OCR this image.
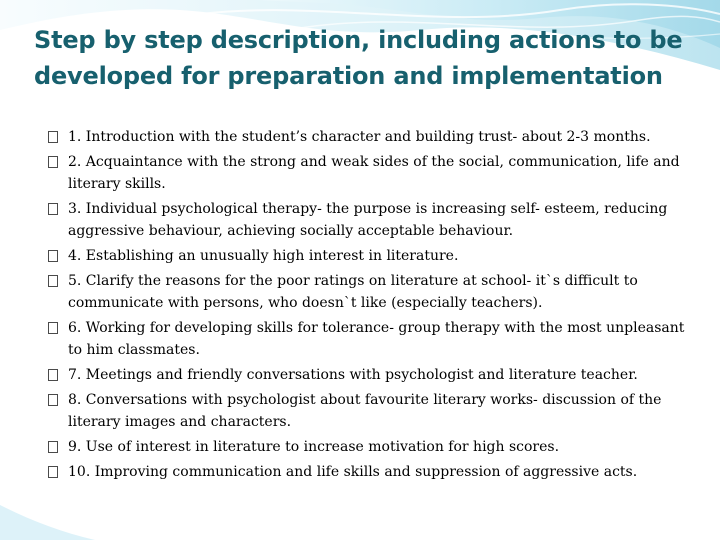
Step by step description, including actions to be developed for preparation and implementation
1. Introduction with the student’s character and building trust- about 2-3 months.
2. Acquaintance with the strong and weak sides of the social, communication, life and literary skills.
3. Individual psychological therapy- the purpose is increasing self- esteem, reducing aggressive behaviour, achieving socially acceptable behaviour.
4. Establishing an unusually high interest in literature.
5. Clarify the reasons for the poor ratings on literature at school- it`s difficult to communicate with persons, who doesn`t like (especially teachers).
6. Working for developing skills for tolerance- group therapy with the most unpleasant to him classmates.
7. Meetings and friendly conversations with psychologist and literature teacher.
8. Conversations with psychologist about favourite literary works- discussion of the literary images and characters.
9. Use of interest in literature to increase motivation for high scores.
10. Improving communication and life skills and suppression of aggressive acts.
